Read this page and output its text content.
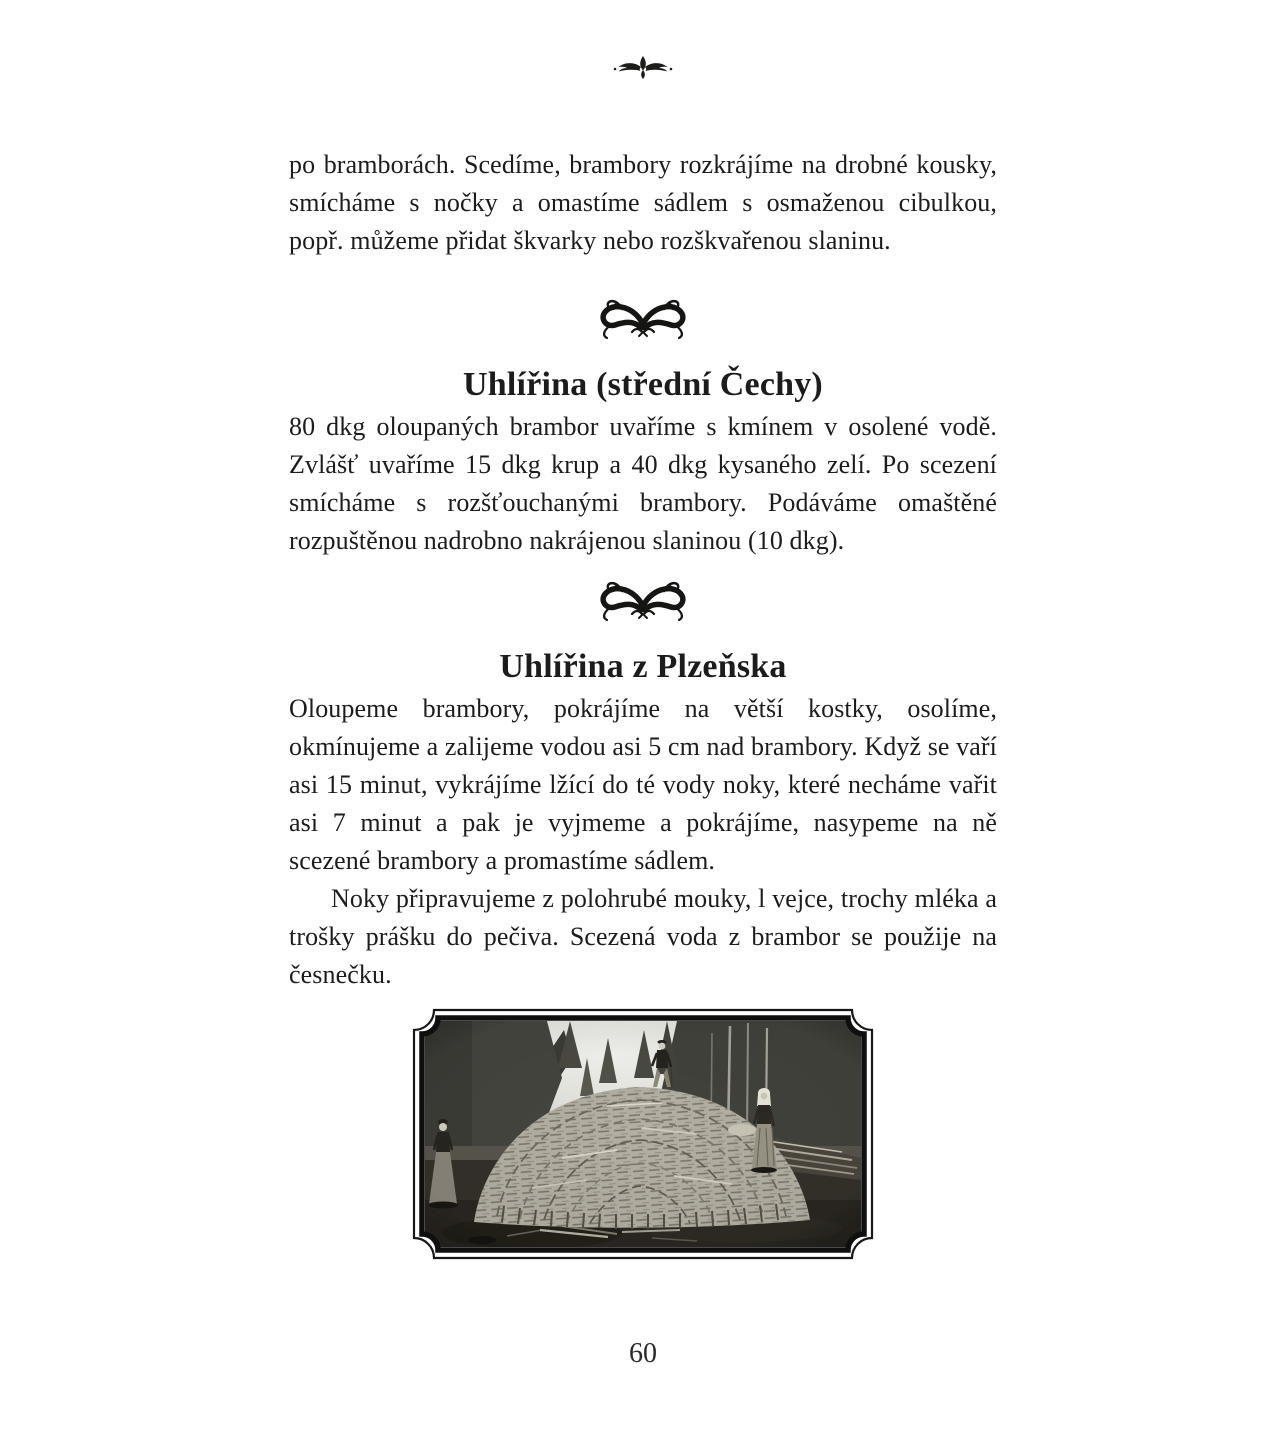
po bramborách. Scedíme, brambory rozkrájíme na drobné kousky, smícháme s nočky a omastíme sádlem s osmaženou cibulkou, popř. můžeme přidat škvarky nebo rozškvařenou slaninu.

Uhlířina (střední Čechy)

80 dkg oloupaných brambor uvaříme s kmínem v osolené vodě. Zvlášť uvaříme 15 dkg krup a 40 dkg kysaného zelí. Po scezení smícháme s rozšťouchanými brambory. Podáváme omaštěné rozpuštěnou nadrobno nakrájenou slaninou (10 dkg).

Uhlířina z Plzeňska

Oloupeme brambory, pokrájíme na větší kostky, osolíme, okmínujeme a zalijeme vodou asi 5 cm nad brambory. Když se vaří asi 15 minut, vykrájíme lžící do té vody noky, které necháme vařit asi 7 minut a pak je vyjmeme a pokrájíme, nasypeme na ně scezené brambory a promastíme sádlem.

Noky připravujeme z polohrubé mouky, l vejce, trochy mléka a trošky prášku do pečiva. Scezená voda z brambor se použije na česnečku.

60
